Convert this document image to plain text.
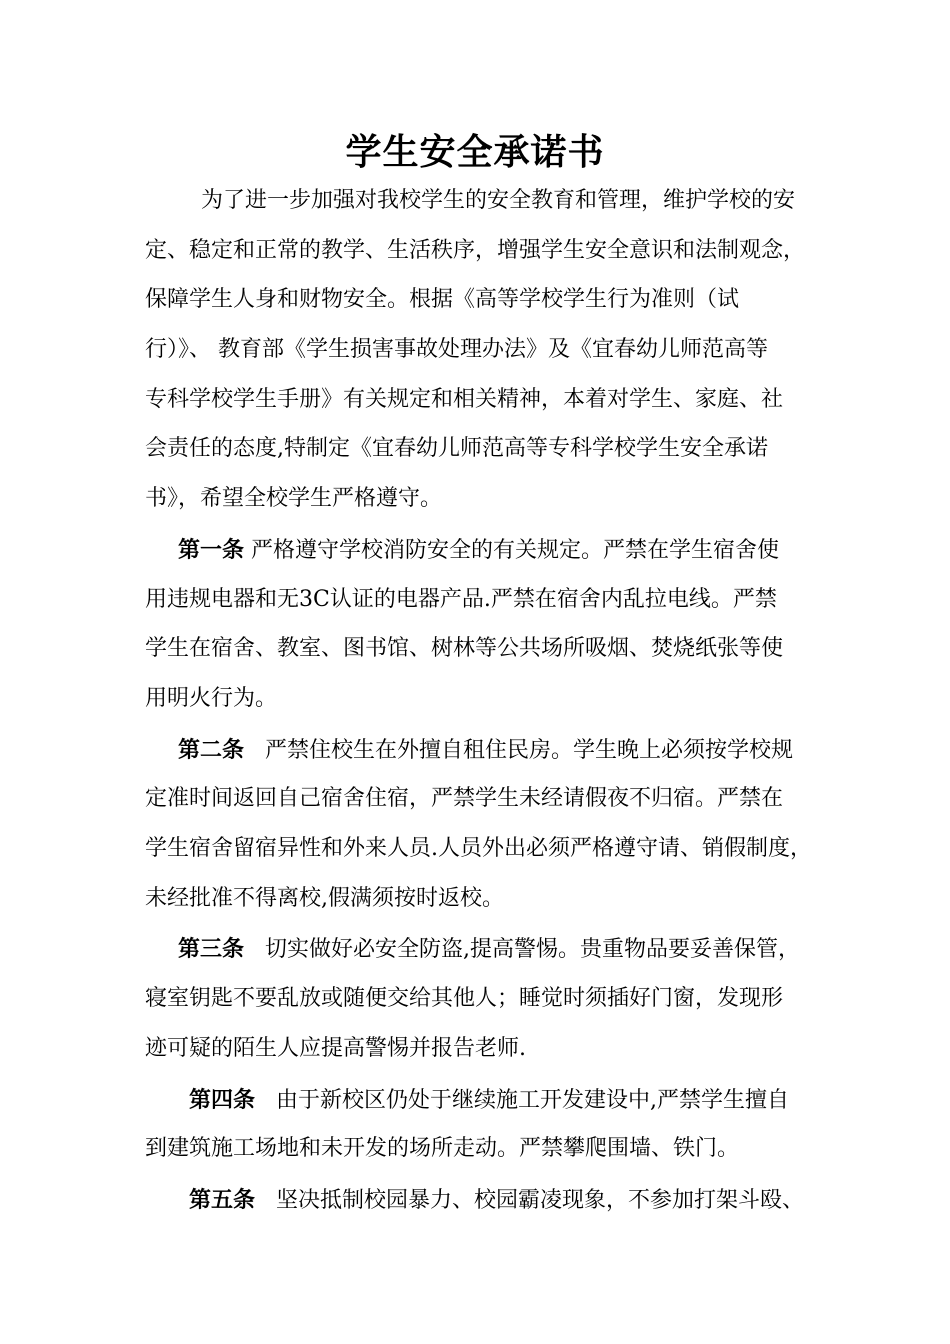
学生安全承诺书
为了进一步加强对我校学生的安全教育和管理，维护学校的安
定、稳定和正常的教学、生活秩序，增强学生安全意识和法制观念，
保障学生人身和财物安全。根据《高等学校学生行为准则（试
行）》、 教育部《学生损害事故处理办法》及《宜春幼儿师范高等
专科学校学生手册》有关规定和相关精神，本着对学生、家庭、社
会责任的态度,特制定《宜春幼儿师范高等专科学校学生安全承诺
书》，希望全校学生严格遵守。
第一条 严格遵守学校消防安全的有关规定。严禁在学生宿舍使
用违规电器和无3C认证的电器产品.严禁在宿舍内乱拉电线。严禁
学生在宿舍、教室、图书馆、树林等公共场所吸烟、焚烧纸张等使
用明火行为。
第二条 严禁住校生在外擅自租住民房。学生晚上必须按学校规
定准时间返回自己宿舍住宿，严禁学生未经请假夜不归宿。严禁在
学生宿舍留宿异性和外来人员.人员外出必须严格遵守请、销假制度，
未经批准不得离校,假满须按时返校。
第三条 切实做好必安全防盗,提高警惕。贵重物品要妥善保管，
寝室钥匙不要乱放或随便交给其他人；睡觉时须插好门窗，发现形
迹可疑的陌生人应提高警惕并报告老师.
第四条 由于新校区仍处于继续施工开发建设中,严禁学生擅自
到建筑施工场地和未开发的场所走动。严禁攀爬围墙、铁门。
第五条 坚决抵制校园暴力、校园霸凌现象，不参加打架斗殴、
